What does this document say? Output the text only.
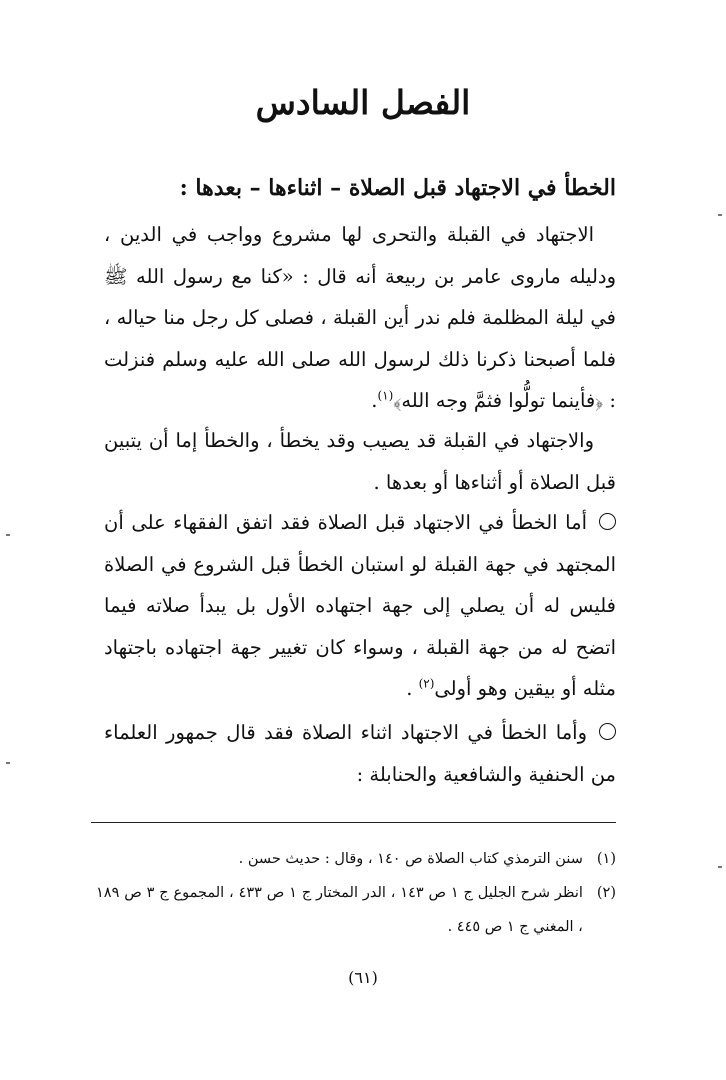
الفصل السادس
الخطأ في الاجتهاد قبل الصلاة – اثناءها – بعدها :
الاجتهاد في القبلة والتحرى لها مشروع وواجب في الدين ، ودليله ماروى عامر بن ربيعة أنه قال : «كنا مع رسول الله ﷺ في ليلة المظلمة فلم ندر أين القبلة ، فصلى كل رجل منا حياله ، فلما أصبحنا ذكرنا ذلك لرسول الله صلى الله عليه وسلم فنزلت : ﴿فأينما تولُّوا فثمَّ وجه الله﴾$^{(١)}$.
والاجتهاد في القبلة قد يصيب وقد يخطأ ، والخطأ إما أن يتبين قبل الصلاة أو أثناءها أو بعدها .
أما الخطأ في الاجتهاد قبل الصلاة فقد اتفق الفقهاء على أن المجتهد في جهة القبلة لو استبان الخطأ قبل الشروع في الصلاة فليس له أن يصلي إلى جهة اجتهاده الأول بل يبدأ صلاته فيما اتضح له من جهة القبلة ، وسواء كان تغيير جهة اجتهاده باجتهاد مثله أو بيقين وهو أولى$^{(٢)}$ .
وأما الخطأ في الاجتهاد اثناء الصلاة فقد قال جمهور العلماء من الحنفية والشافعية والحنابلة :
(١)
سنن الترمذي كتاب الصلاة ص ١٤٠ ، وقال : حديث حسن .
(٢)
انظر شرح الجليل ج ١ ص ١٤٣ ، الدر المختار ج ١ ص ٤٣٣ ، المجموع ج ٣ ص ١٨٩ ، المغني ج ١ ص ٤٤٥ .
(٦١)
